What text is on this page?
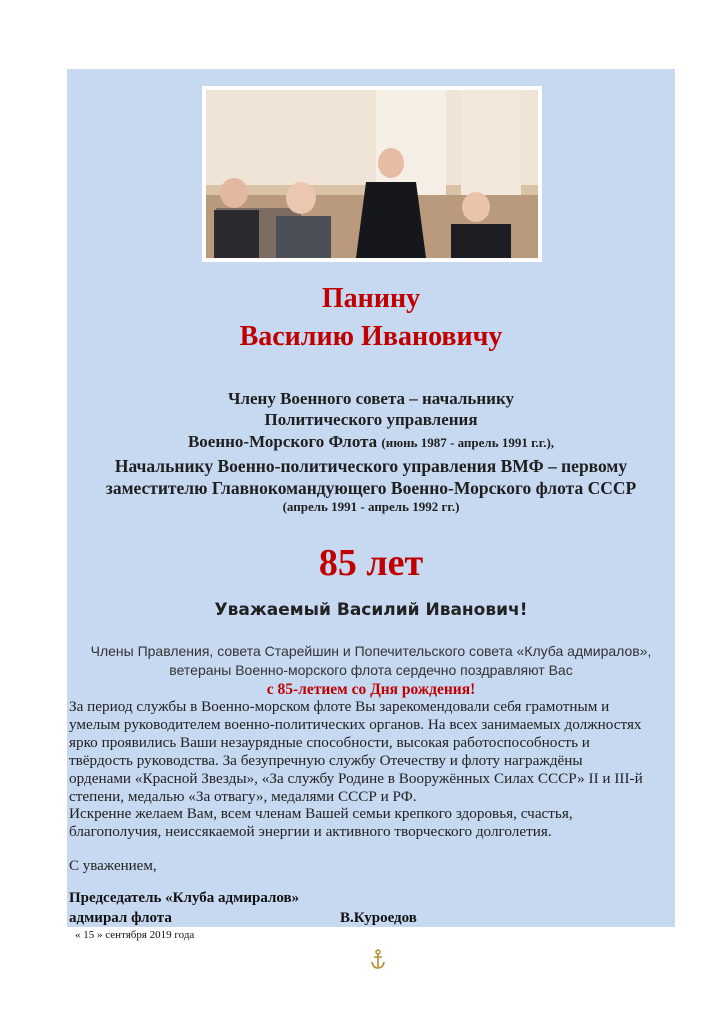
Панину
Василию Ивановичу
Члену Военного совета – начальнику
Политического управления
Военно-Морского Флота (июнь 1987 - апрель 1991 г.г.),
Начальнику Военно-политического управления ВМФ – первому
заместителю Главнокомандующего Военно-Морского флота СССР
(апрель 1991 - апрель 1992 гг.)
85 лет
Уважаемый Василий Иванович!
Члены Правления, совета Старейшин и Попечительского совета «Клуба адмиралов»,
ветераны Военно-морского флота сердечно поздравляют Вас
с 85-летием со Дня рождения!
За период службы в Военно-морском флоте Вы зарекомендовали себя грамотным и
умелым руководителем военно-политических органов. На всех занимаемых должностях
ярко проявились Ваши незаурядные способности, высокая работоспособность и
твёрдость руководства. За безупречную службу Отечеству и флоту награждёны
орденами «Красной Звезды», «За службу Родине в Вооружённых Силах СССР» II и III-й
степени, медалью «За отвагу», медалями СССР и РФ.
Искренне желаем Вам, всем членам Вашей семьи крепкого здоровья, счастья,
благополучия, неиссякаемой энергии и активного творческого долголетия.
С уважением,
Председатель «Клуба адмиралов»
адмирал флота	В.Куроедов
« 15 » сентября 2019 года
